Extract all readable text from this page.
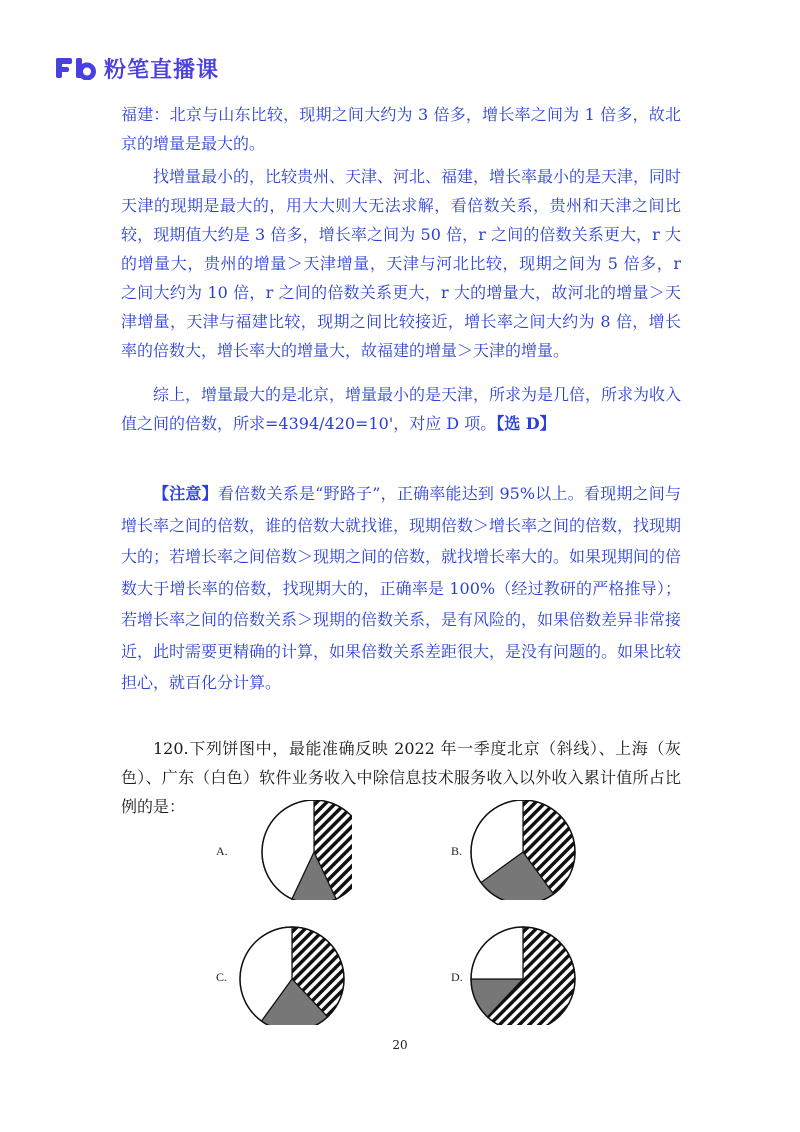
粉笔直播课

福建：北京与山东比较，现期之间大约为 3 倍多，增长率之间为 1 倍多，故北京的增量是最大的。

找增量最小的，比较贵州、天津、河北、福建，增长率最小的是天津，同时天津的现期是最大的，用大大则大无法求解，看倍数关系，贵州和天津之间比较，现期值大约是 3 倍多，增长率之间为 50 倍，r 之间的倍数关系更大，r 大的增量大，贵州的增量＞天津增量，天津与河北比较，现期之间为 5 倍多，r 之间大约为 10 倍，r 之间的倍数关系更大，r 大的增量大，故河北的增量＞天津增量，天津与福建比较，现期之间比较接近，增长率之间大约为 8 倍，增长率的倍数大，增长率大的增量大，故福建的增量＞天津的增量。

综上，增量最大的是北京，增量最小的是天津，所求为是几倍，所求为收入值之间的倍数，所求=4394/420=10'，对应 D 项。【选 D】

【注意】看倍数关系是“野路子”，正确率能达到 95%以上。看现期之间与增长率之间的倍数，谁的倍数大就找谁，现期倍数＞增长率之间的倍数，找现期大的；若增长率之间倍数＞现期之间的倍数，就找增长率大的。如果现期间的倍数大于增长率的倍数，找现期大的，正确率是 100%（经过教研的严格推导）；若增长率之间的倍数关系＞现期的倍数关系，是有风险的，如果倍数差异非常接近，此时需要更精确的计算，如果倍数关系差距很大，是没有问题的。如果比较担心，就百化分计算。

120.下列饼图中，最能准确反映 2022 年一季度北京（斜线）、上海（灰色）、广东（白色）软件业务收入中除信息技术服务收入以外收入累计值所占比例的是：

A.	B.
C.	D.
20
